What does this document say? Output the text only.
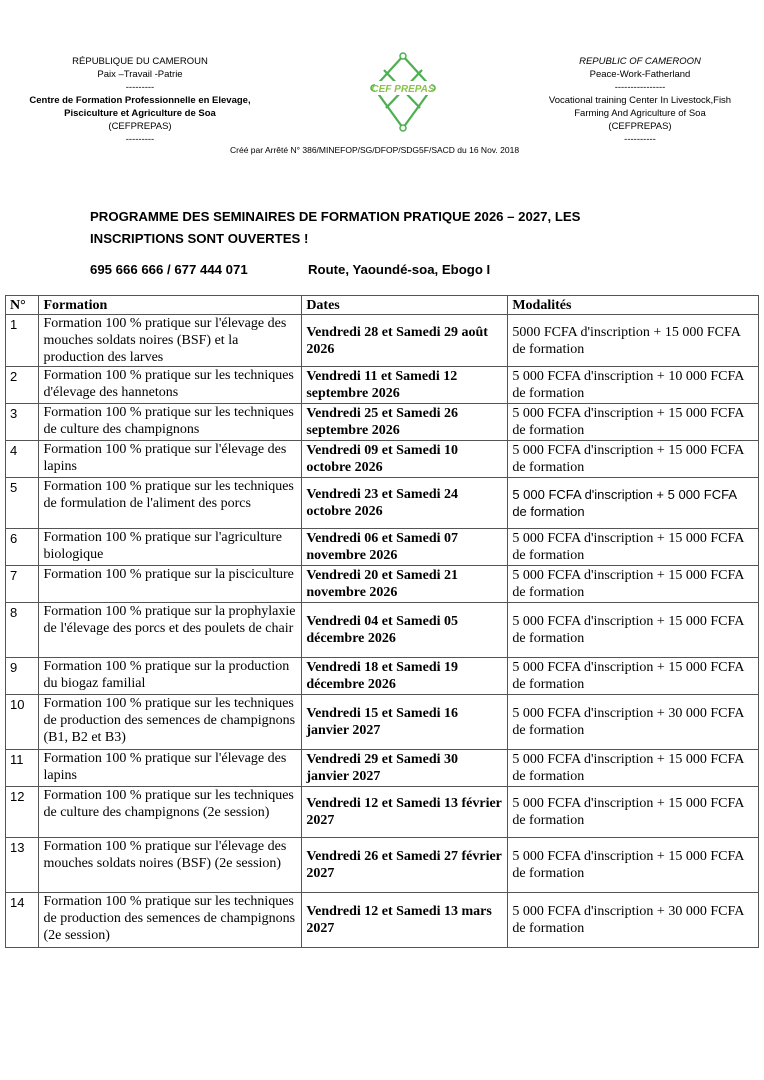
RÉPUBLIQUE DU CAMEROUN
Paix –Travail -Patrie
---------
Centre de Formation Professionnelle en Elevage,
Pisciculture et Agriculture de Soa
(CEFPREPAS)
---------
CEF PREPAS
REPUBLIC OF CAMEROON
Peace-Work-Fatherland
----------------
Vocational training Center In Livestock,Fish
Farming And Agriculture of Soa
(CEFPREPAS)
----------
Créé par Arrêté N° 386/MINEFOP/SG/DFOP/SDG5F/SACD du 16 Nov. 2018
PROGRAMME DES SEMINAIRES DE FORMATION PRATIQUE 2026 – 2027, LES INSCRIPTIONS SONT OUVERTES !
695 666 666 / 677 444 071	Route, Yaoundé-soa, Ebogo I
N°	Formation	Dates	Modalités
1	Formation 100 % pratique sur l'élevage des mouches soldats noires (BSF) et la production des larves	Vendredi 28 et Samedi 29 août 2026	5000 FCFA d'inscription + 15 000 FCFA de formation
2	Formation 100 % pratique sur les techniques d'élevage des hannetons	Vendredi 11 et Samedi 12 septembre 2026	5 000 FCFA d'inscription + 10 000 FCFA de formation
3	Formation 100 % pratique sur les techniques de culture des champignons	Vendredi 25 et Samedi 26 septembre 2026	5 000 FCFA d'inscription + 15 000 FCFA de formation
4	Formation 100 % pratique sur l'élevage des lapins	Vendredi 09 et Samedi 10 octobre 2026	5 000 FCFA d'inscription + 15 000 FCFA de formation
5	Formation 100 % pratique sur les techniques de formulation de l'aliment des porcs	Vendredi 23 et Samedi 24 octobre 2026	5 000 FCFA d'inscription + 5 000 FCFA de formation
6	Formation 100 % pratique sur l'agriculture biologique	Vendredi 06 et Samedi 07 novembre 2026	5 000 FCFA d'inscription + 15 000 FCFA de formation
7	Formation 100 % pratique sur la pisciculture	Vendredi 20 et Samedi 21 novembre 2026	5 000 FCFA d'inscription + 15 000 FCFA de formation
8	Formation 100 % pratique sur la prophylaxie de l'élevage des porcs et des poulets de chair	Vendredi 04 et Samedi 05 décembre 2026	5 000 FCFA d'inscription + 15 000 FCFA de formation
9	Formation 100 % pratique sur la production du biogaz familial	Vendredi 18 et Samedi 19 décembre 2026	5 000 FCFA d'inscription + 15 000 FCFA de formation
10	Formation 100 % pratique sur les techniques de production des semences de champignons (B1, B2 et B3)	Vendredi 15 et Samedi 16 janvier 2027	5 000 FCFA d'inscription + 30 000 FCFA de formation
11	Formation 100 % pratique sur l'élevage des lapins	Vendredi 29 et Samedi 30 janvier 2027	5 000 FCFA d'inscription + 15 000 FCFA de formation
12	Formation 100 % pratique sur les techniques de culture des champignons (2e session)	Vendredi 12 et Samedi 13 février 2027	5 000 FCFA d'inscription + 15 000 FCFA de formation
13	Formation 100 % pratique sur l'élevage des mouches soldats noires (BSF) (2e session)	Vendredi 26 et Samedi 27 février 2027	5 000 FCFA d'inscription + 15 000 FCFA de formation
14	Formation 100 % pratique sur les techniques de production des semences de champignons (2e session)	Vendredi 12 et Samedi 13 mars 2027	5 000 FCFA d'inscription + 30 000 FCFA de formation
